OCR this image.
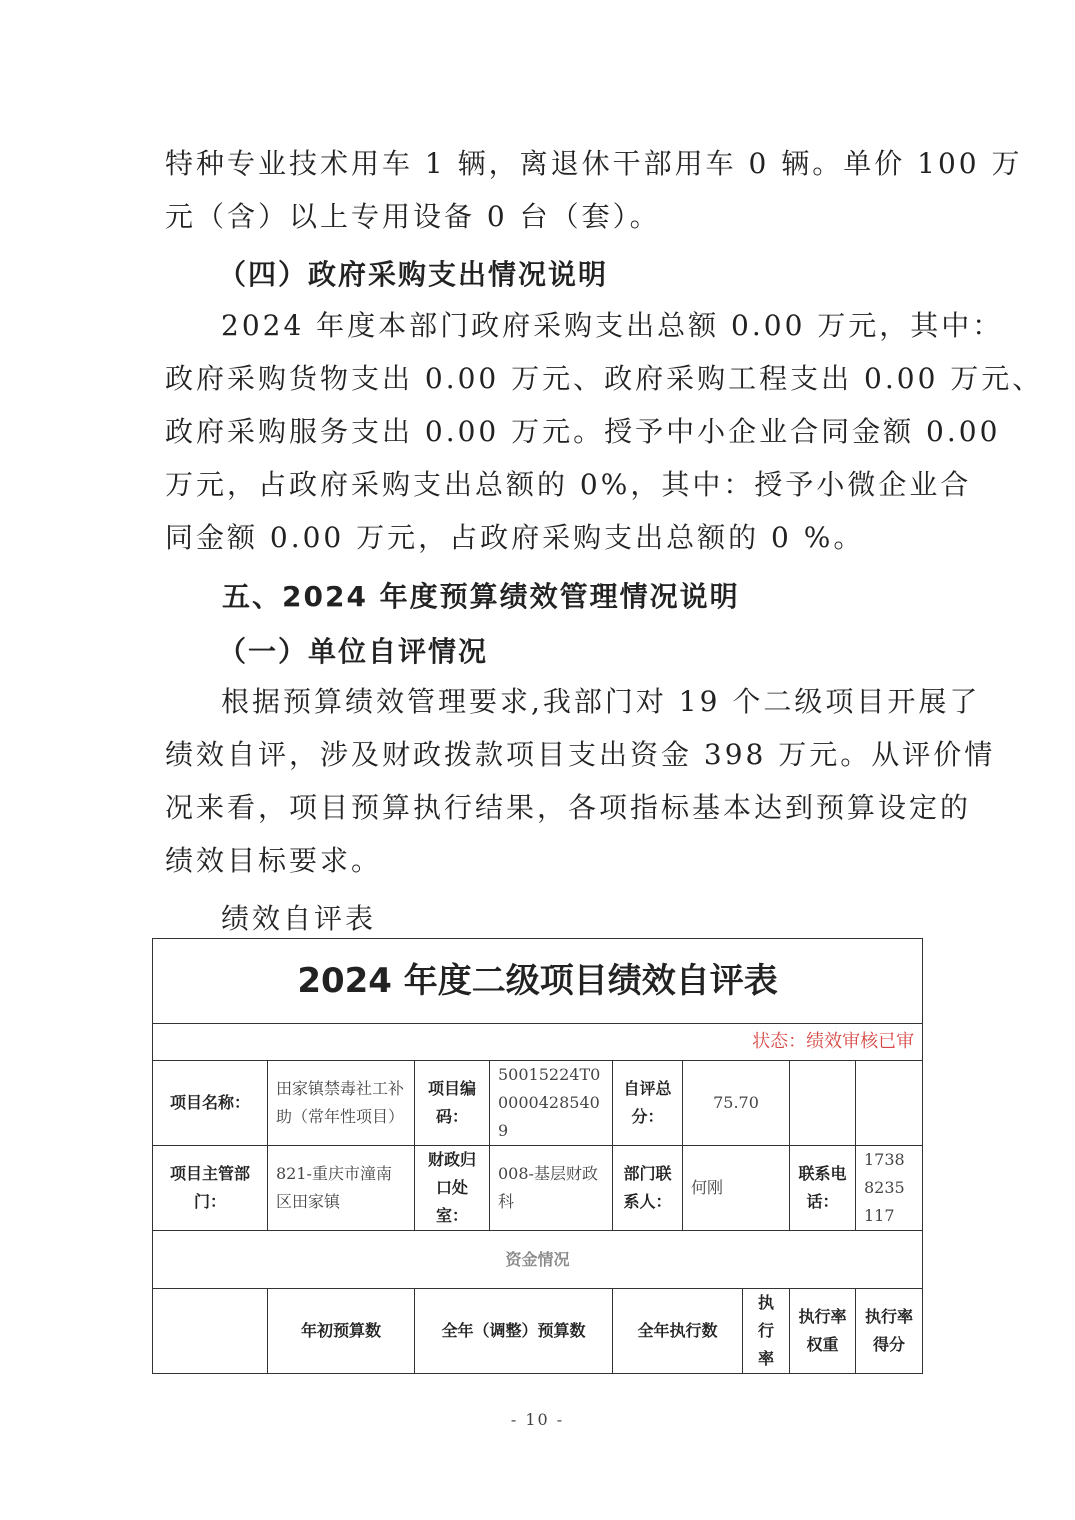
特种专业技术用车 1 辆，离退休干部用车 0 辆。单价 100 万
元（含）以上专用设备 0 台（套）。

（四）政府采购支出情况说明

2024 年度本部门政府采购支出总额 0.00 万元，其中：
政府采购货物支出 0.00 万元、政府采购工程支出 0.00 万元、
政府采购服务支出 0.00 万元。授予中小企业合同金额 0.00
万元，占政府采购支出总额的 0%，其中：授予小微企业合
同金额 0.00 万元，占政府采购支出总额的 0 %。

五、2024 年度预算绩效管理情况说明

（一）单位自评情况

根据预算绩效管理要求,我部门对 19 个二级项目开展了
绩效自评，涉及财政拨款项目支出资金 398 万元。从评价情
况来看，项目预算执行结果，各项指标基本达到预算设定的
绩效目标要求。
绩效自评表
2024 年度二级项目绩效自评表								
状态：绩效审核已审								
项目名称：	田家镇禁毒社工补助（常年性项目）	项目编码：	50015224T000004285409	自评总分：	75.70			
项目主管部门：	821-重庆市潼南区田家镇	财政归口处室：	008-基层财政科	部门联系人：	何刚		联系电话：	17388235117
资金情况								
	年初预算数	全年（调整）预算数		全年执行数		执行率	执行率权重	执行率得分
- 10 -
